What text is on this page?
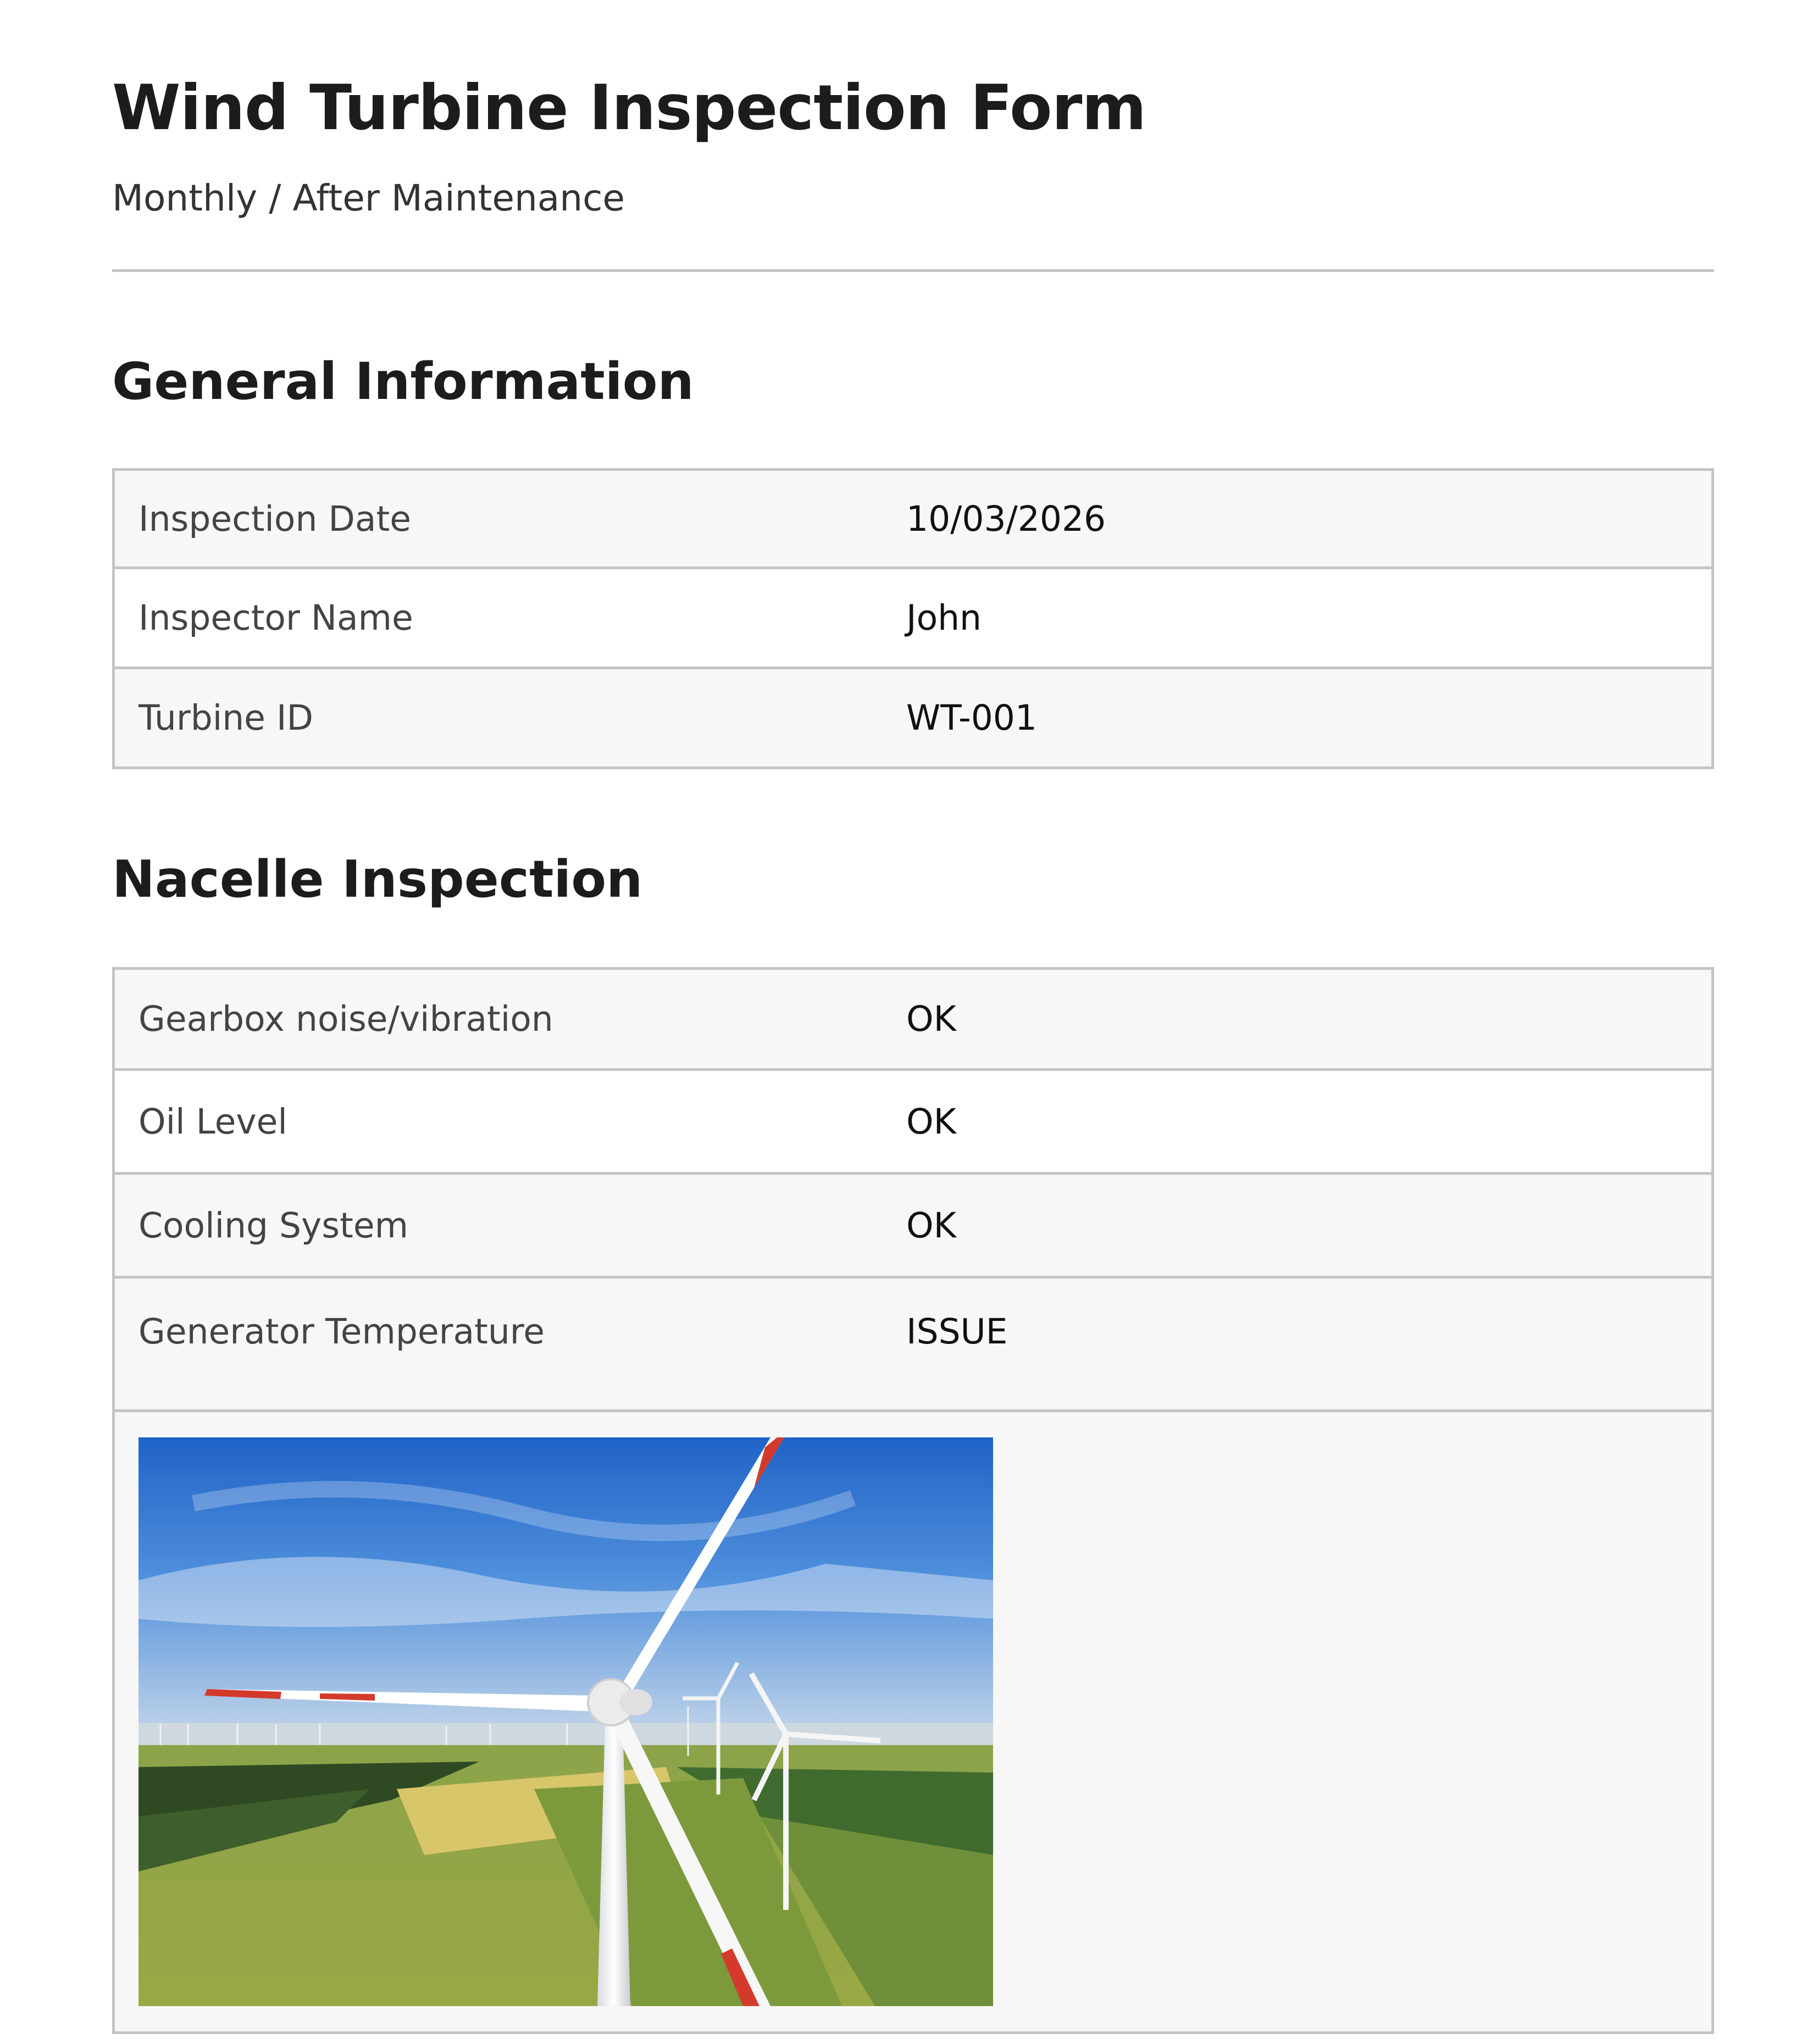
Wind Turbine Inspection Form
Monthly / After Maintenance
General Information
Inspection Date	10/03/2026
Inspector Name	John
Turbine ID	WT-001
Nacelle Inspection
Gearbox noise/vibration	OK
Oil Level	OK
Cooling System	OK
Generator Temperature	ISSUE
